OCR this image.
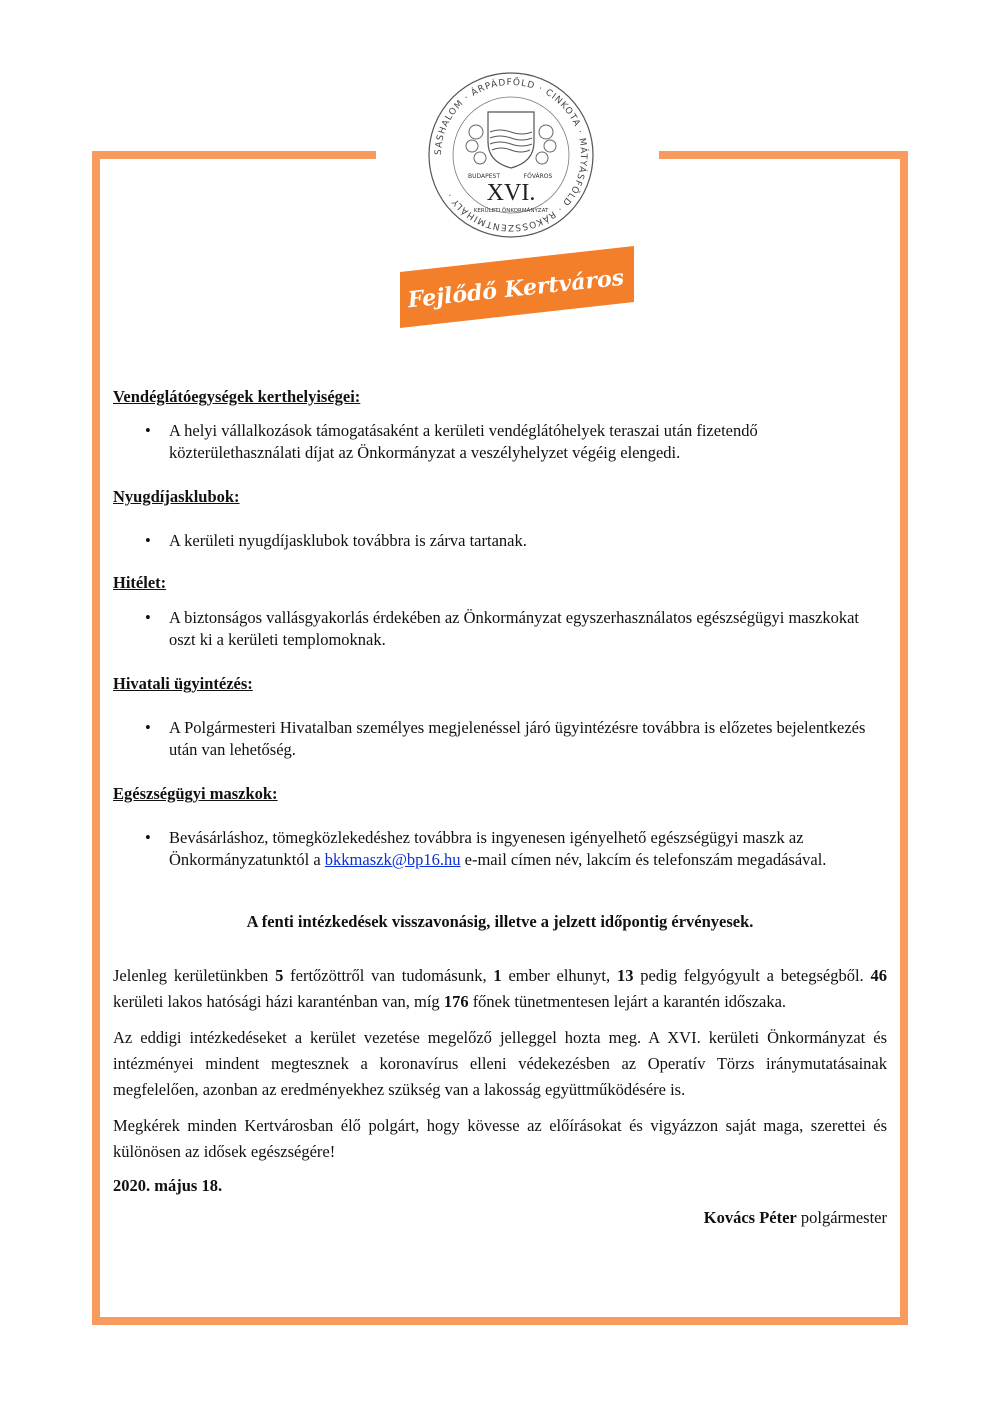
SASHALOM · ÁRPÁDFÖLD · CINKOTA · MÁTYÁSFÖLD · RÁKOSSZENTMIHÁLY ·
BUDAPEST	FŐVÁROS
XVI.
KERÜLETI ÖNKORMÁNYZAT
Fejlődő Kertváros

Vendéglátóegységek kerthelyiségei:

• A helyi vállalkozások támogatásaként a kerületi vendéglátóhelyek teraszai után fizetendő közterülethasználati díjat az Önkormányzat a veszélyhelyzet végéig elengedi.

Nyugdíjasklubok:

• A kerületi nyugdíjasklubok továbbra is zárva tartanak.

Hitélet:

• A biztonságos vallásgyakorlás érdekében az Önkormányzat egyszerhasználatos egészségügyi maszkokat oszt ki a kerületi templomoknak.

Hivatali ügyintézés:

• A Polgármesteri Hivatalban személyes megjelenéssel járó ügyintézésre továbbra is előzetes bejelentkezés után van lehetőség.

Egészségügyi maszkok:

• Bevásárláshoz, tömegközlekedéshez továbbra is ingyenesen igényelhető egészségügyi maszk az Önkormányzatunktól a bkkmaszk@bp16.hu e-mail címen név, lakcím és telefonszám megadásával.

A fenti intézkedések visszavonásig, illetve a jelzett időpontig érvényesek.

Jelenleg kerületünkben 5 fertőzöttről van tudomásunk, 1 ember elhunyt, 13 pedig felgyógyult a betegségből. 46 kerületi lakos hatósági házi karanténban van, míg 176 főnek tünetmentesen lejárt a karantén időszaka.

Az eddigi intézkedéseket a kerület vezetése megelőző jelleggel hozta meg. A XVI. kerületi Önkormányzat és intézményei mindent megtesznek a koronavírus elleni védekezésben az Operatív Törzs iránymutatásainak megfelelően, azonban az eredményekhez szükség van a lakosság együttműködésére is.

Megkérek minden Kertvárosban élő polgárt, hogy kövesse az előírásokat és vigyázzon saját maga, szerettei és különösen az idősek egészségére!

2020. május 18.

Kovács Péter polgármester
